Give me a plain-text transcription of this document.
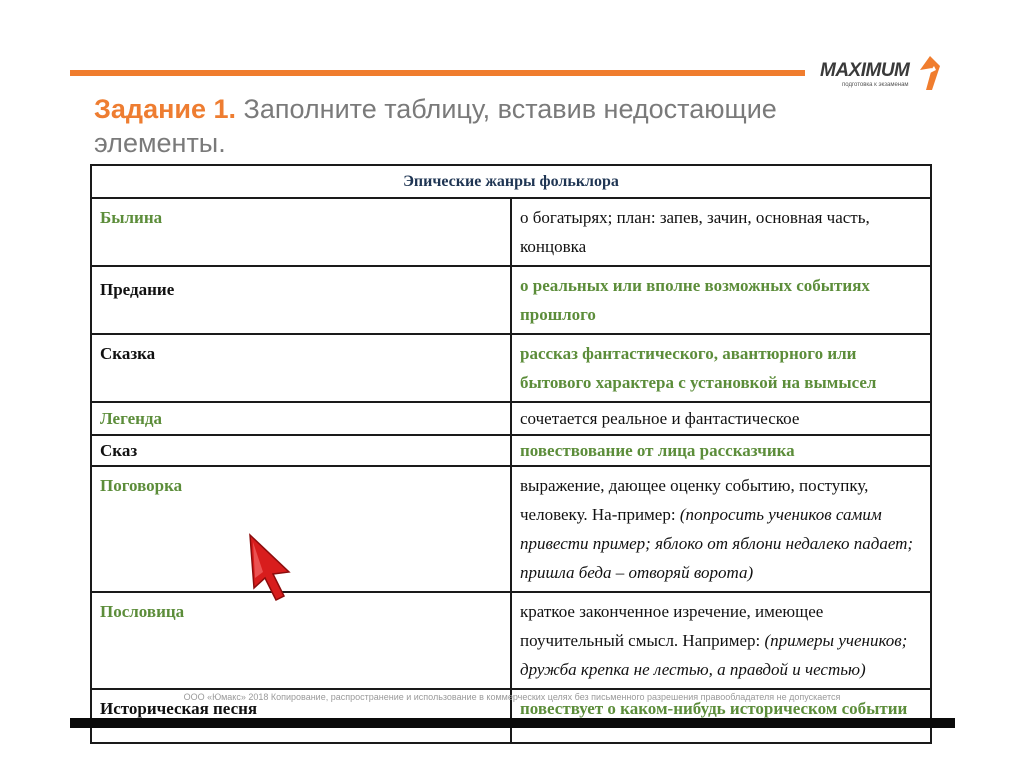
MAXIMUM
подготовка к экзаменам
Задание 1. Заполните таблицу, вставив недостающие элементы.
Эпические жанры фольклора	
Былина	о богатырях; план: запев, зачин, основная часть, концовка
Предание	о реальных или вполне возможных событиях прошлого
Сказка	рассказ фантастического, авантюрного или бытового характера с установкой на вымысел
Легенда	сочетается реальное и фантастическое
Сказ	повествование от лица рассказчика
Поговорка	выражение, дающее оценку событию, поступку, человеку. На-пример: (попросить учеников самим привести пример; яблоко от яблони недалеко падает; пришла беда – отворяй ворота)
Пословица	краткое законченное изречение, имеющее поучительный смысл. Например: (примеры учеников; дружба крепка не лестью, а правдой и честью)
Историческая песня	повествует о каком-нибудь историческом событии
ООО «Юмакс» 2018 Копирование, распространение и использование в коммерческих целях без письменного разрешения правообладателя не допускается
